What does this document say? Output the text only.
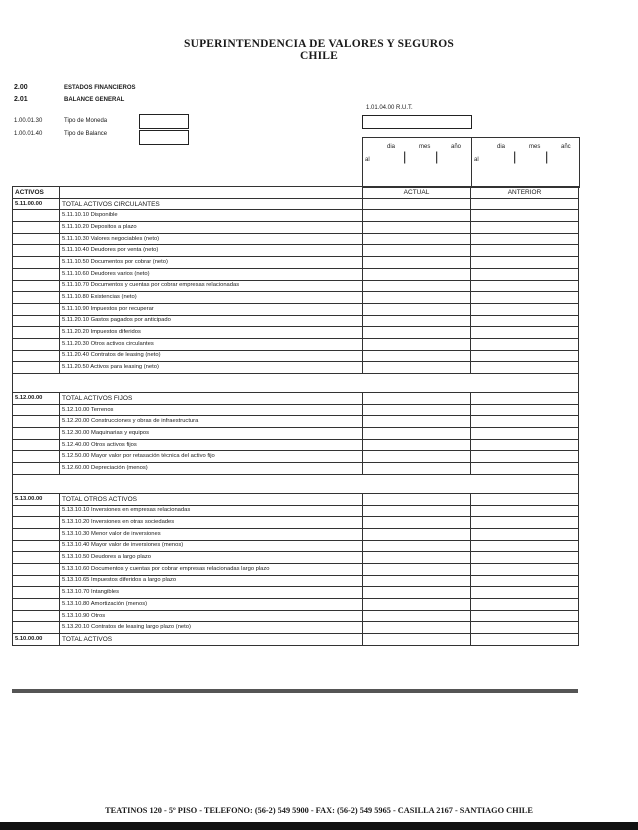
SUPERINTENDENCIA DE VALORES Y SEGUROS
CHILE
2.00	ESTADOS FINANCIEROS
2.01	BALANCE GENERAL
1.00.01.30	Tipo de Moneda
1.00.01.40	Tipo de Balance
1.01.04.00 R.U.T.
dia	mes	año
al	| |
dia	mes	añc
al	| |
ACTIVOS		ACTUAL	ANTERIOR
5.11.00.00	TOTAL ACTIVOS CIRCULANTES		
	5.11.10.10 Disponible		
	5.11.10.20 Depositos a plazo		
	5.11.10.30 Valores negociables (neto)		
	5.11.10.40 Deudores por venta (neto)		
	5.11.10.50 Documentos por cobrar (neto)		
	5.11.10.60 Deudores varios (neto)		
	5.11.10.70 Documentos y cuentas por cobrar empresas relacionadas		
	5.11.10.80 Existencias (neto)		
	5.11.10.90 Impuestos por recuperar		
	5.11.20.10 Gastos pagados por anticipado		
	5.11.20.20 Impuestos diferidos		
	5.11.20.30 Otros activos circulantes		
	5.11.20.40 Contratos de leasing (neto)		
	5.11.20.50 Activos para leasing (neto)		

5.12.00.00	TOTAL ACTIVOS FIJOS		
	5.12.10.00 Terrenos		
	5.12.20.00 Construcciones y obras de infraestructura		
	5.12.30.00 Maquinarias y equipos		
	5.12.40.00 Otros activos fijos		
	5.12.50.00 Mayor valor por retasación técnica del activo fijo		
	5.12.60.00 Depreciación (menos)		

5.13.00.00	TOTAL OTROS ACTIVOS		
	5.13.10.10 Inversiones en empresas relacionadas		
	5.13.10.20 Inversiones en otras sociedades		
	5.13.10.30 Menor valor de inversiones		
	5.13.10.40 Mayor valor de inversiones (menos)		
	5.13.10.50 Deudores a largo plazo		
	5.13.10.60 Documentos y cuentas por cobrar empresas relacionadas largo plazo		
	5.13.10.65 Impuestos diferidos a largo plazo		
	5.13.10.70 Intangibles		
	5.13.10.80 Amortización (menos)		
	5.13.10.90 Otros		
	5.13.20.10 Contratos de leasing largo plazo (neto)		
5.10.00.00	TOTAL ACTIVOS		
TEATINOS 120 - 5º PISO - TELEFONO: (56-2) 549 5900 - FAX: (56-2) 549 5965 - CASILLA 2167 - SANTIAGO CHILE
